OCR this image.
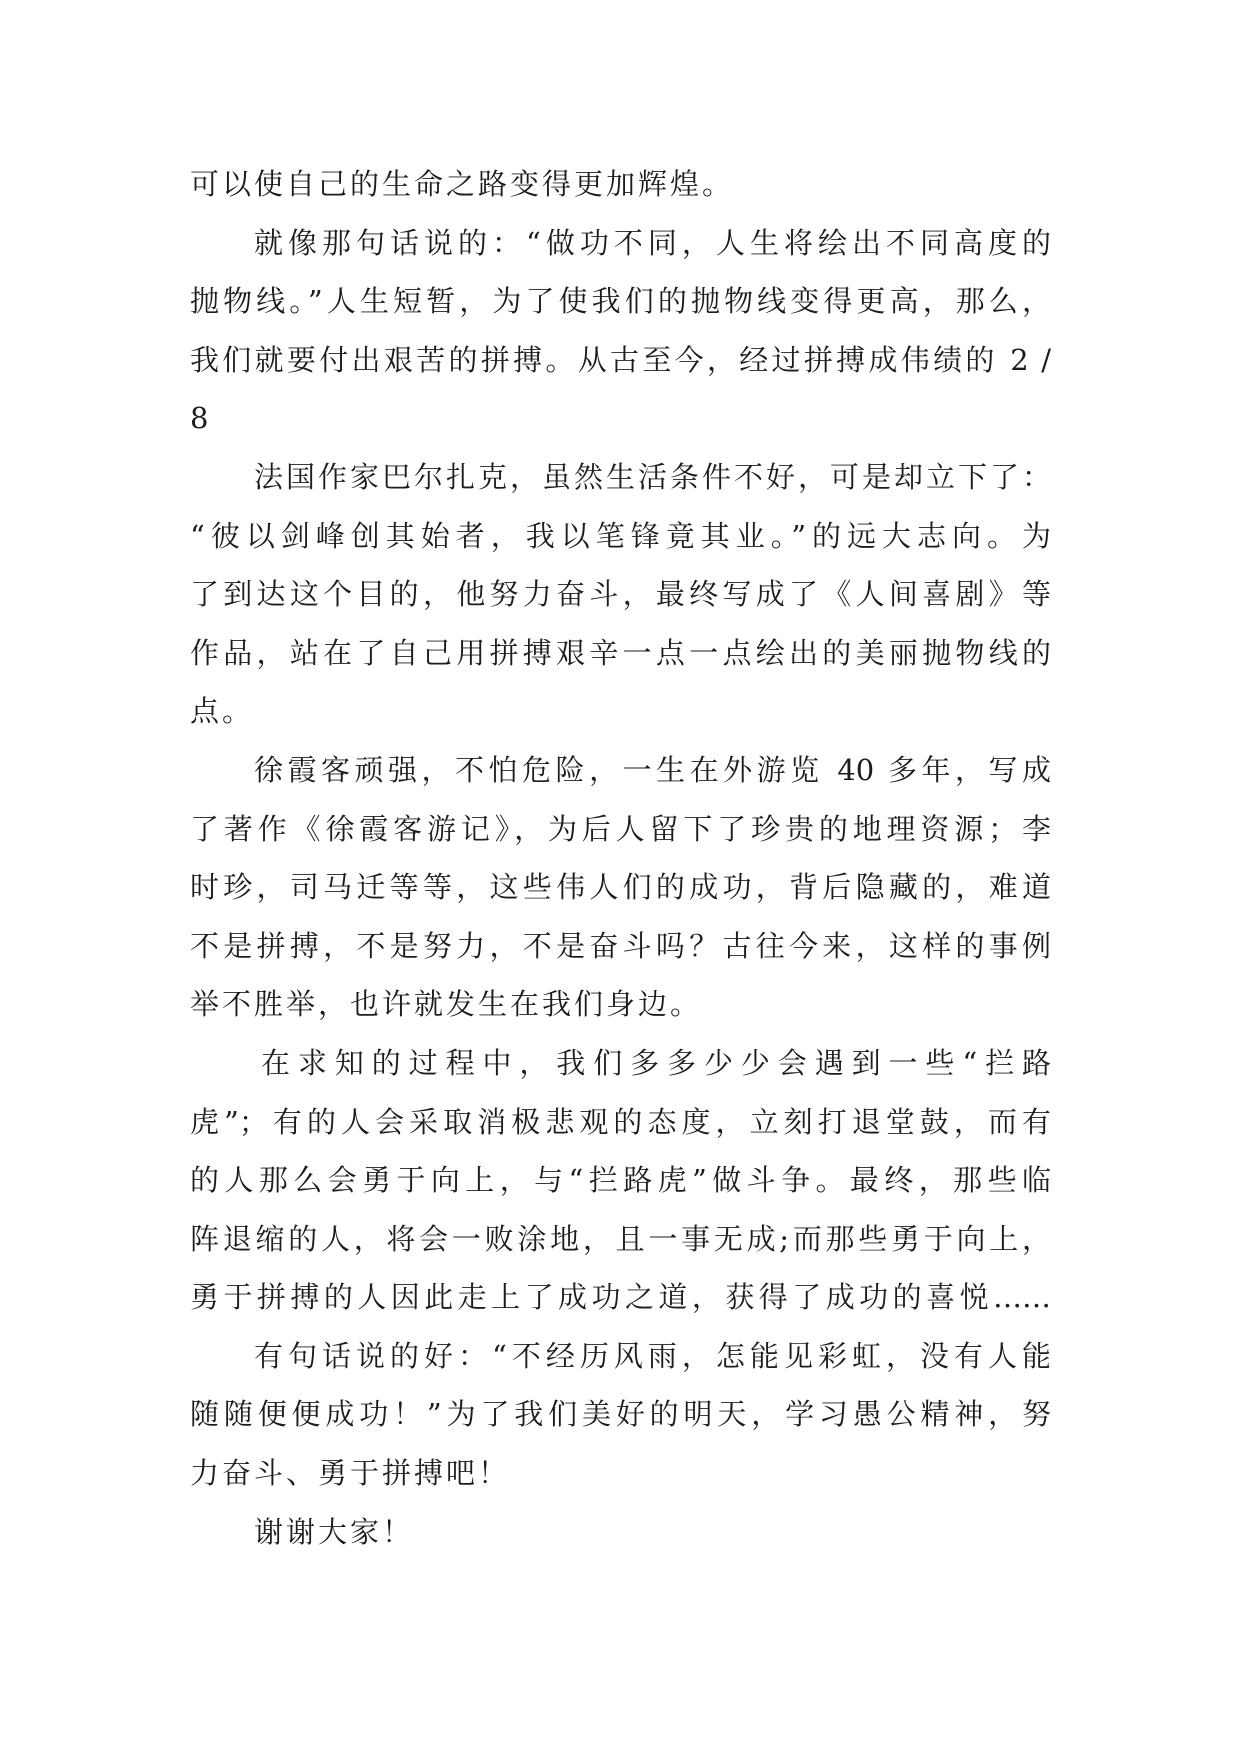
可以使自己的生命之路变得更加辉煌。
就像那句话说的：“做功不同，人生将绘出不同高度的
抛物线。”人生短暂，为了使我们的抛物线变得更高，那么，
我们就要付出艰苦的拼搏。从古至今，经过拼搏成伟绩的 2 /
8
法国作家巴尔扎克，虽然生活条件不好，可是却立下了：
“彼以剑峰创其始者，我以笔锋竟其业。”的远大志向。为
了到达这个目的，他努力奋斗，最终写成了《人间喜剧》等
作品，站在了自己用拼搏艰辛一点一点绘出的美丽抛物线的
点。
徐霞客顽强，不怕危险，一生在外游览 40 多年，写成
了著作《徐霞客游记》，为后人留下了珍贵的地理资源；李
时珍，司马迁等等，这些伟人们的成功，背后隐藏的，难道
不是拼搏，不是努力，不是奋斗吗？古往今来，这样的事例
举不胜举，也许就发生在我们身边。
在求知的过程中，我们多多少少会遇到一些“拦路
虎”；有的人会采取消极悲观的态度，立刻打退堂鼓，而有
的人那么会勇于向上，与“拦路虎”做斗争。最终，那些临
阵退缩的人，将会一败涂地，且一事无成;而那些勇于向上，
勇于拼搏的人因此走上了成功之道，获得了成功的喜悦……
有句话说的好：“不经历风雨，怎能见彩虹，没有人能
随随便便成功！”为了我们美好的明天，学习愚公精神，努
力奋斗、勇于拼搏吧！
谢谢大家！
